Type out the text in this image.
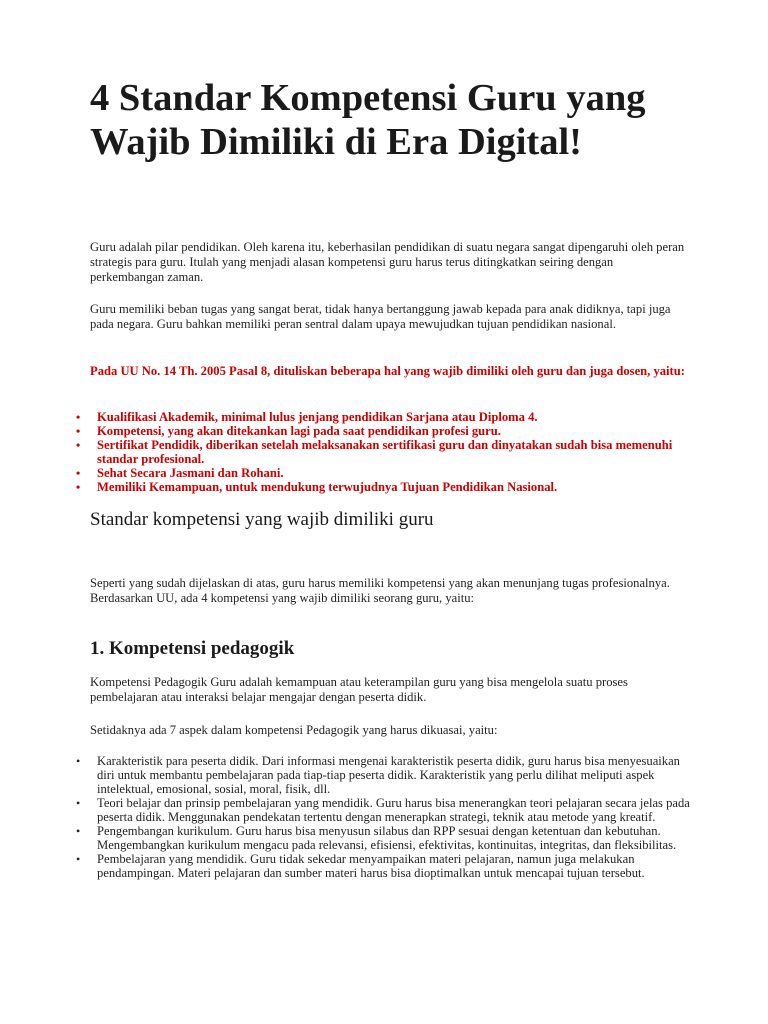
4 Standar Kompetensi Guru yang Wajib Dimiliki di Era Digital!

Guru adalah pilar pendidikan. Oleh karena itu, keberhasilan pendidikan di suatu negara sangat dipengaruhi oleh peran strategis para guru. Itulah yang menjadi alasan kompetensi guru harus terus ditingkatkan seiring dengan perkembangan zaman.

Guru memiliki beban tugas yang sangat berat, tidak hanya bertanggung jawab kepada para anak didiknya, tapi juga pada negara. Guru bahkan memiliki peran sentral dalam upaya mewujudkan tujuan pendidikan nasional.

Pada UU No. 14 Th. 2005 Pasal 8, dituliskan beberapa hal yang wajib dimiliki oleh guru dan juga dosen, yaitu:

• Kualifikasi Akademik, minimal lulus jenjang pendidikan Sarjana atau Diploma 4.
• Kompetensi, yang akan ditekankan lagi pada saat pendidikan profesi guru.
• Sertifikat Pendidik, diberikan setelah melaksanakan sertifikasi guru dan dinyatakan sudah bisa memenuhi standar profesional.
• Sehat Secara Jasmani dan Rohani.
• Memiliki Kemampuan, untuk mendukung terwujudnya Tujuan Pendidikan Nasional.
Standar kompetensi yang wajib dimiliki guru

Seperti yang sudah dijelaskan di atas, guru harus memiliki kompetensi yang akan menunjang tugas profesionalnya. Berdasarkan UU, ada 4 kompetensi yang wajib dimiliki seorang guru, yaitu:

1. Kompetensi pedagogik

Kompetensi Pedagogik Guru adalah kemampuan atau keterampilan guru yang bisa mengelola suatu proses pembelajaran atau interaksi belajar mengajar dengan peserta didik.

Setidaknya ada 7 aspek dalam kompetensi Pedagogik yang harus dikuasai, yaitu:

• Karakteristik para peserta didik. Dari informasi mengenai karakteristik peserta didik, guru harus bisa menyesuaikan diri untuk membantu pembelajaran pada tiap-tiap peserta didik. Karakteristik yang perlu dilihat meliputi aspek intelektual, emosional, sosial, moral, fisik, dll.
• Teori belajar dan prinsip pembelajaran yang mendidik. Guru harus bisa menerangkan teori pelajaran secara jelas pada peserta didik. Menggunakan pendekatan tertentu dengan menerapkan strategi, teknik atau metode yang kreatif.
• Pengembangan kurikulum. Guru harus bisa menyusun silabus dan RPP sesuai dengan ketentuan dan kebutuhan. Mengembangkan kurikulum mengacu pada relevansi, efisiensi, efektivitas, kontinuitas, integritas, dan fleksibilitas.
• Pembelajaran yang mendidik. Guru tidak sekedar menyampaikan materi pelajaran, namun juga melakukan pendampingan. Materi pelajaran dan sumber materi harus bisa dioptimalkan untuk mencapai tujuan tersebut.
